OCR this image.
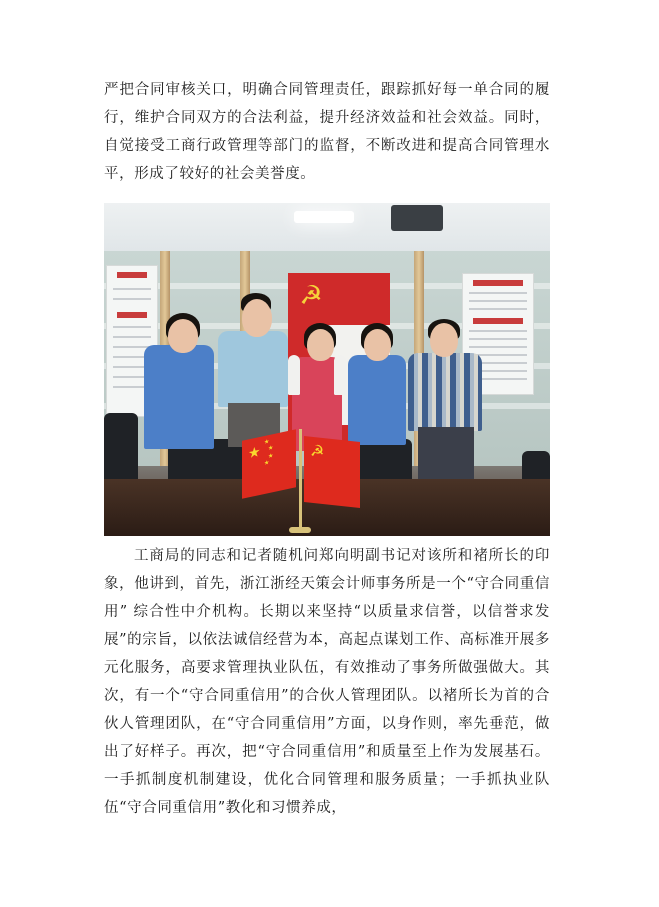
严把合同审核关口，明确合同管理责任，跟踪抓好每一单合同的履行，维护合同双方的合法利益，提升经济效益和社会效益。同时，自觉接受工商行政管理等部门的监督，不断改进和提高合同管理水平，形成了较好的社会美誉度。

☭
★
★
★
★
★
☭

工商局的同志和记者随机问郑向明副书记对该所和褚所长的印象，他讲到，首先，浙江浙经天策会计师事务所是一个“守合同重信用” 综合性中介机构。长期以来坚持“以质量求信誉，以信誉求发展”的宗旨，以依法诚信经营为本，高起点谋划工作、高标准开展多元化服务，高要求管理执业队伍，有效推动了事务所做强做大。其次，有一个“守合同重信用”的合伙人管理团队。以褚所长为首的合伙人管理团队，在“守合同重信用”方面，以身作则，率先垂范，做出了好样子。再次，把“守合同重信用”和质量至上作为发展基石。一手抓制度机制建设，优化合同管理和服务质量；一手抓执业队伍“守合同重信用”教化和习惯养成，
